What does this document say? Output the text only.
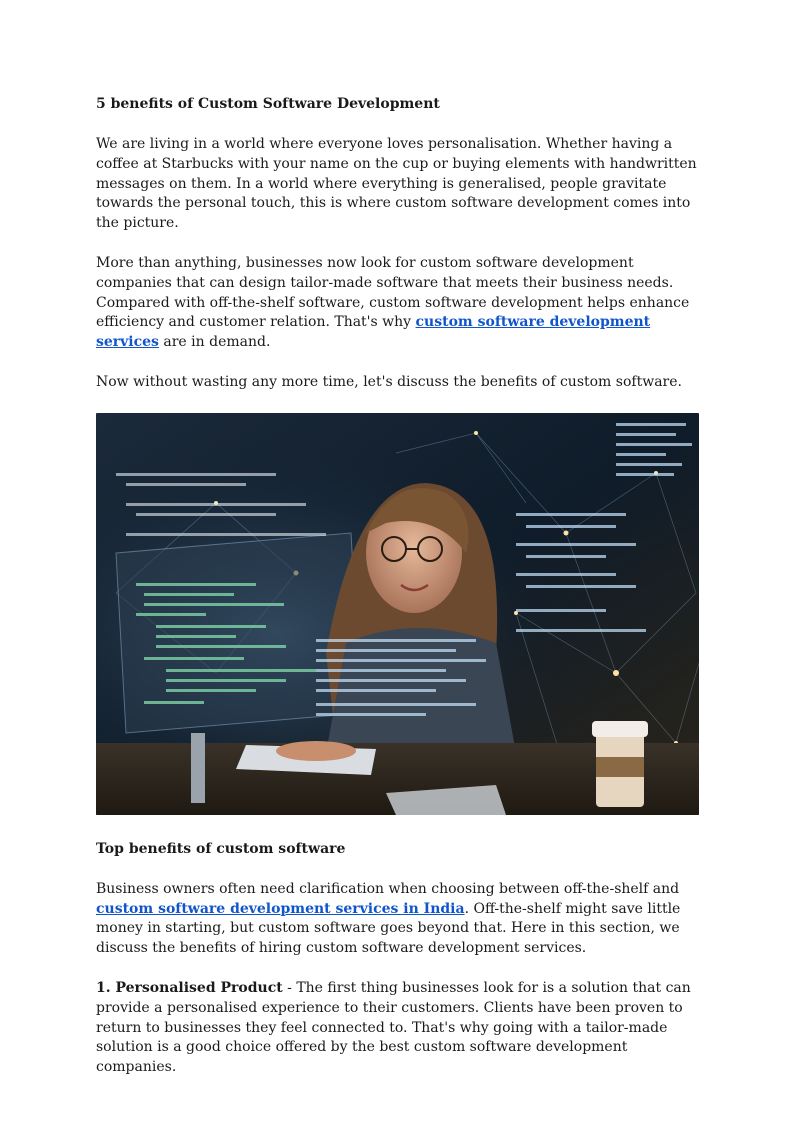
5 benefits of Custom Software Development

We are living in a world where everyone loves personalisation. Whether having a coffee at Starbucks with your name on the cup or buying elements with handwritten messages on them. In a world where everything is generalised, people gravitate towards the personal touch, this is where custom software development comes into the picture.

More than anything, businesses now look for custom software development companies that can design tailor-made software that meets their business needs. Compared with off-the-shelf software, custom software development helps enhance efficiency and customer relation. That's why custom software development services are in demand.

Now without wasting any more time, let's discuss the benefits of custom software.

Top benefits of custom software

Business owners often need clarification when choosing between off-the-shelf and custom software development services in India. Off-the-shelf might save little money in starting, but custom software goes beyond that. Here in this section, we discuss the benefits of hiring custom software development services.

1. Personalised Product - The first thing businesses look for is a solution that can provide a personalised experience to their customers. Clients have been proven to return to businesses they feel connected to. That's why going with a tailor-made solution is a good choice offered by the best custom software development companies.
